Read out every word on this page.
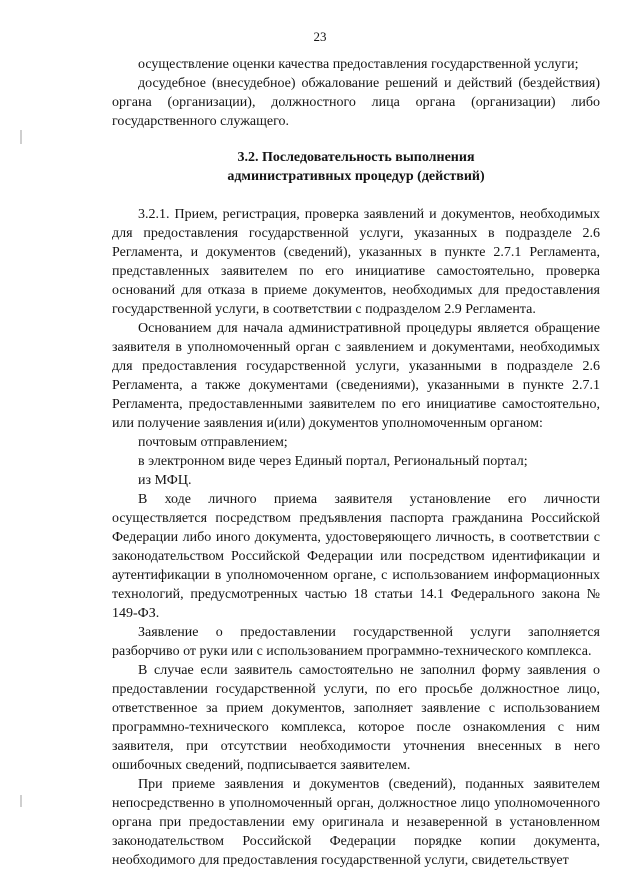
23

осуществление оценки качества предоставления государственной услуги;

досудебное (внесудебное) обжалование решений и действий (бездействия) органа (организации), должностного лица органа (организации) либо государственного служащего.

3.2. Последовательность выполнения
административных процедур (действий)

3.2.1. Прием, регистрация, проверка заявлений и документов, необходимых для предоставления государственной услуги, указанных в подразделе 2.6 Регламента, и документов (сведений), указанных в пункте 2.7.1 Регламента, представленных заявителем по его инициативе самостоятельно, проверка оснований для отказа в приеме документов, необходимых для предоставления государственной услуги, в соответствии с подразделом 2.9 Регламента.

Основанием для начала административной процедуры является обращение заявителя в уполномоченный орган с заявлением и документами, необходимых для предоставления государственной услуги, указанными в подразделе 2.6 Регламента, а также документами (сведениями), указанными в пункте 2.7.1 Регламента, предоставленными заявителем по его инициативе самостоятельно, или получение заявления и(или) документов уполномоченным органом:

почтовым отправлением;

в электронном виде через Единый портал, Региональный портал;

из МФЦ.

В ходе личного приема заявителя установление его личности осуществляется посредством предъявления паспорта гражданина Российской Федерации либо иного документа, удостоверяющего личность, в соответствии с законодательством Российской Федерации или посредством идентификации и аутентификации в уполномоченном органе, с использованием информационных технологий, предусмотренных частью 18 статьи 14.1 Федерального закона № 149-ФЗ.

Заявление о предоставлении государственной услуги заполняется разборчиво от руки или с использованием программно-технического комплекса.

В случае если заявитель самостоятельно не заполнил форму заявления о предоставлении государственной услуги, по его просьбе должностное лицо, ответственное за прием документов, заполняет заявление с использованием программно-технического комплекса, которое после ознакомления с ним заявителя, при отсутствии необходимости уточнения внесенных в него ошибочных сведений, подписывается заявителем.

При приеме заявления и документов (сведений), поданных заявителем непосредственно в уполномоченный орган, должностное лицо уполномоченного органа при предоставлении ему оригинала и незаверенной в установленном законодательством Российской Федерации порядке копии документа, необходимого для предоставления государственной услуги, свидетельствует
